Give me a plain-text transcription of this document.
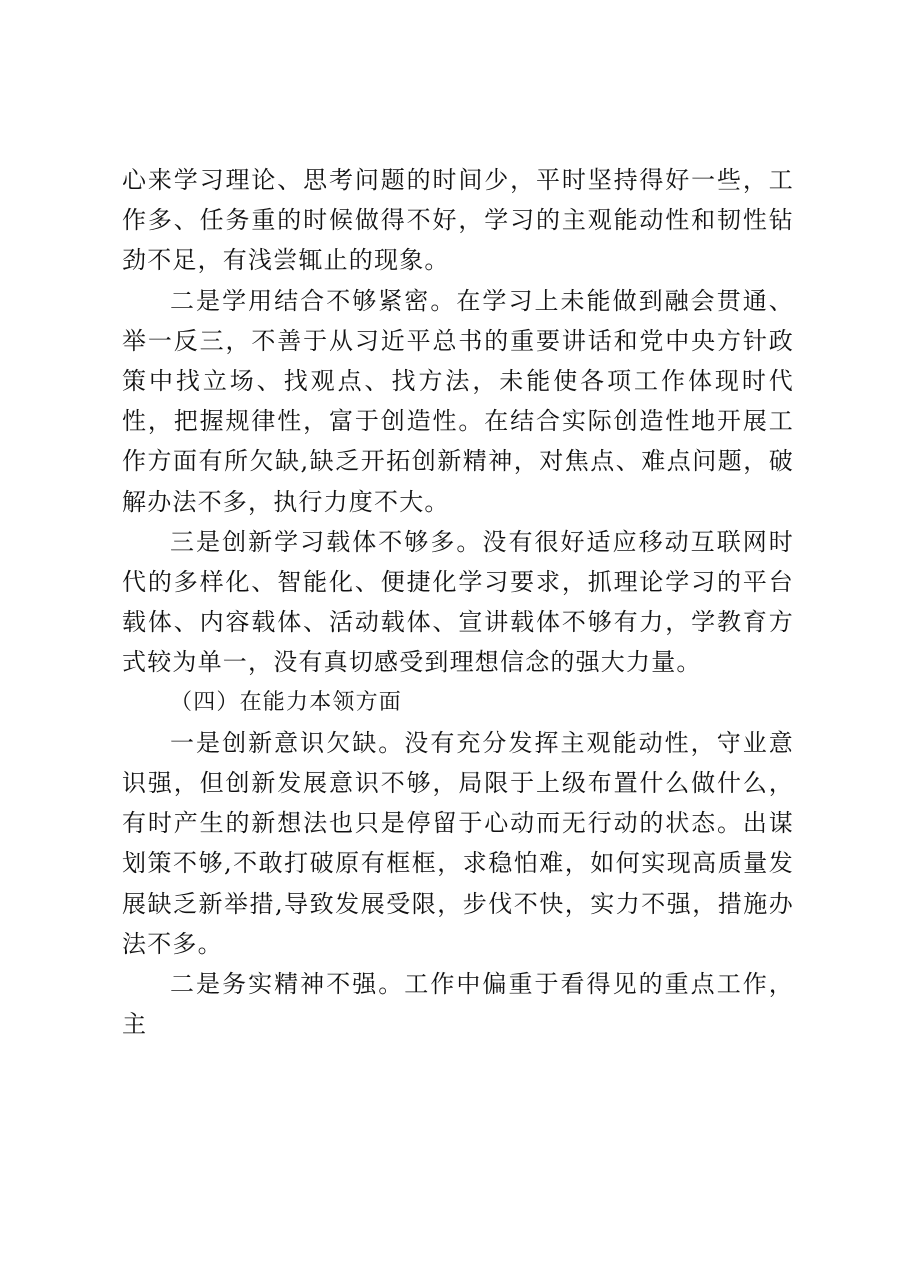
心来学习理论、思考问题的时间少，平时坚持得好一些，工作多、任务重的时候做得不好，学习的主观能动性和韧性钻劲不足，有浅尝辄止的现象。

二是学用结合不够紧密。在学习上未能做到融会贯通、举一反三，不善于从习近平总书的重要讲话和党中央方针政策中找立场、找观点、找方法，未能使各项工作体现时代性，把握规律性，富于创造性。在结合实际创造性地开展工作方面有所欠缺,缺乏开拓创新精神，对焦点、难点问题，破解办法不多，执行力度不大。

三是创新学习载体不够多。没有很好适应移动互联网时代的多样化、智能化、便捷化学习要求，抓理论学习的平台载体、内容载体、活动载体、宣讲载体不够有力，学教育方式较为单一，没有真切感受到理想信念的强大力量。

（四）在能力本领方面

一是创新意识欠缺。没有充分发挥主观能动性，守业意识强，但创新发展意识不够，局限于上级布置什么做什么，有时产生的新想法也只是停留于心动而无行动的状态。出谋划策不够,不敢打破原有框框，求稳怕难，如何实现高质量发展缺乏新举措,导致发展受限，步伐不快，实力不强，措施办法不多。

二是务实精神不强。工作中偏重于看得见的重点工作，主
